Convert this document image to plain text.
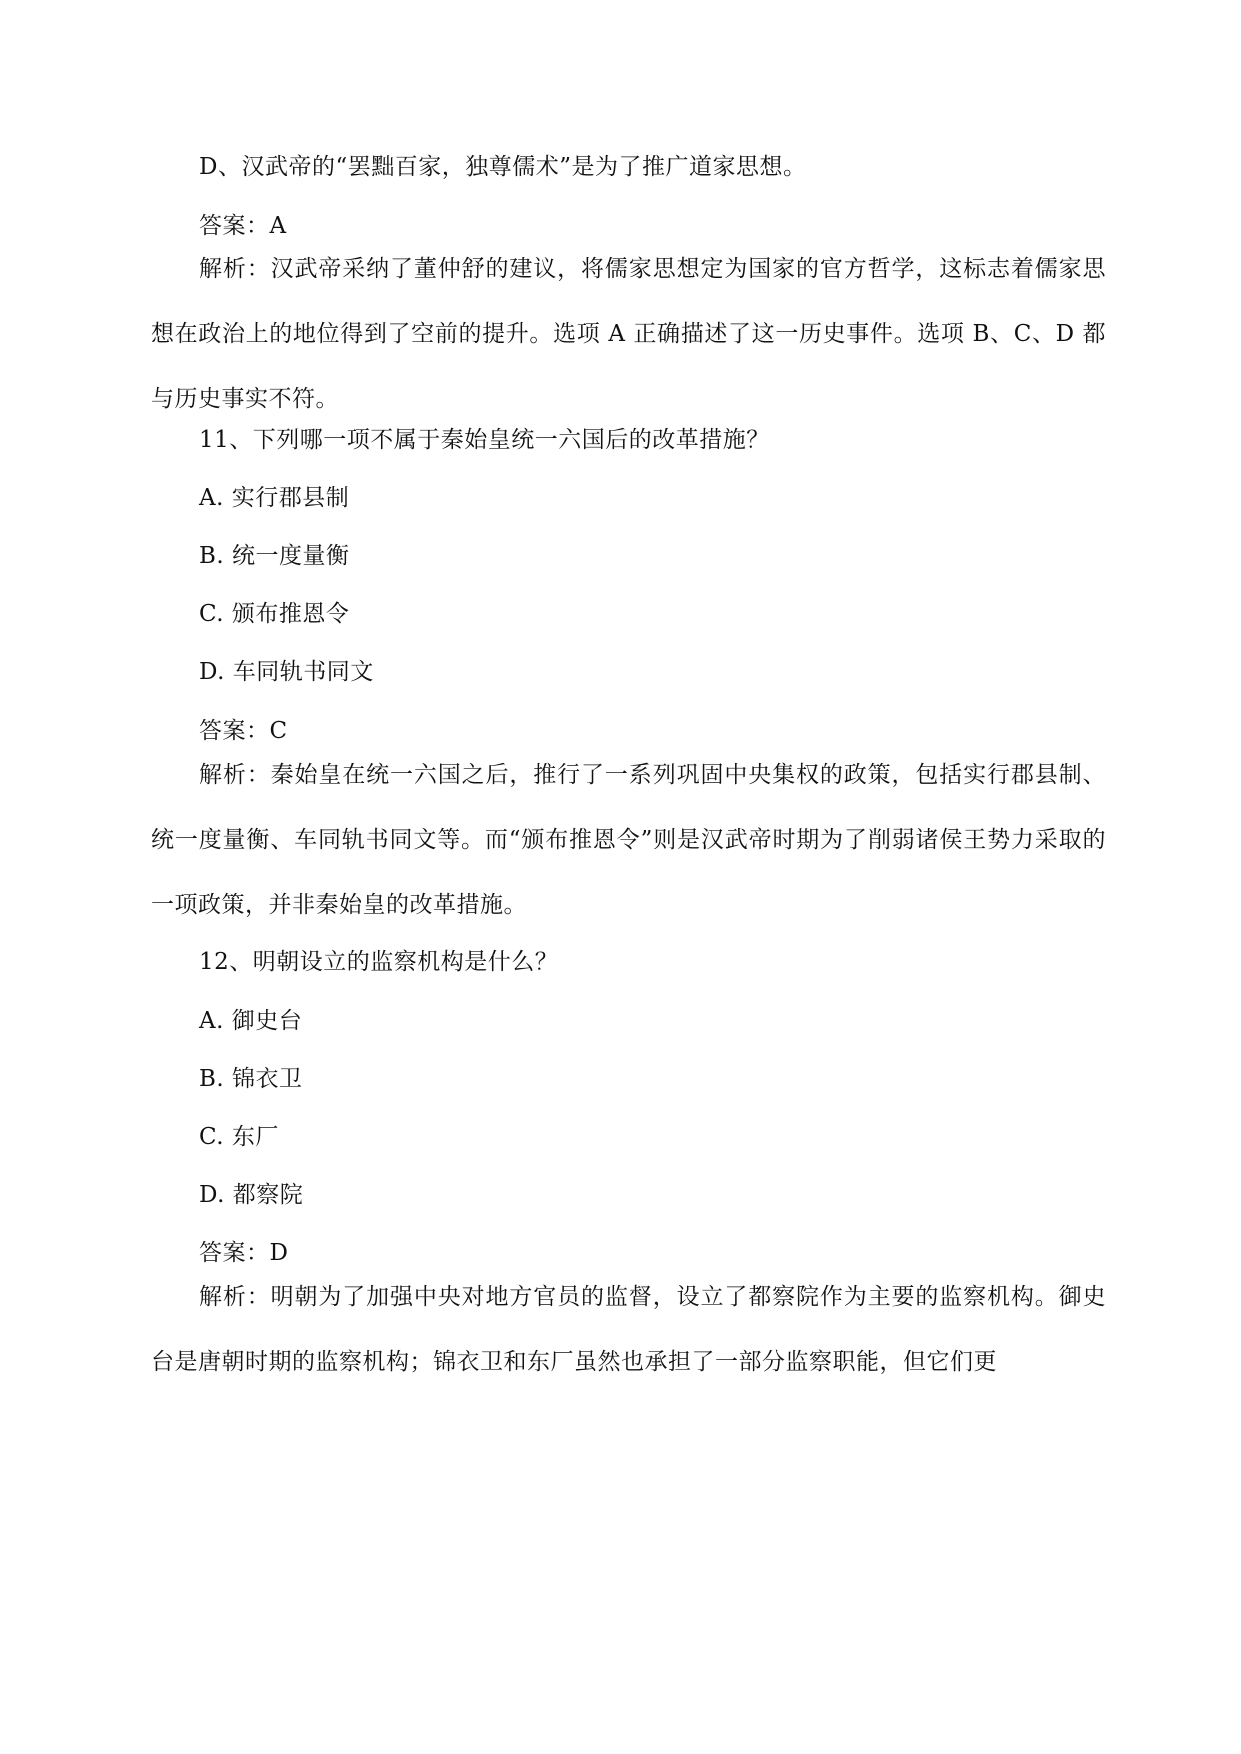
D、汉武帝的“罢黜百家，独尊儒术”是为了推广道家思想。
答案：A
解析：汉武帝采纳了董仲舒的建议，将儒家思想定为国家的官方哲学，这标志着儒家思想在政治上的地位得到了空前的提升。选项 A 正确描述了这一历史事件。选项 B、C、D 都与历史事实不符。
11、下列哪一项不属于秦始皇统一六国后的改革措施？
A. 实行郡县制
B. 统一度量衡
C. 颁布推恩令
D. 车同轨书同文
答案：C
解析：秦始皇在统一六国之后，推行了一系列巩固中央集权的政策，包括实行郡县制、统一度量衡、车同轨书同文等。而“颁布推恩令”则是汉武帝时期为了削弱诸侯王势力采取的一项政策，并非秦始皇的改革措施。
12、明朝设立的监察机构是什么？
A. 御史台
B. 锦衣卫
C. 东厂
D. 都察院
答案：D
解析：明朝为了加强中央对地方官员的监督，设立了都察院作为主要的监察机构。御史台是唐朝时期的监察机构；锦衣卫和东厂虽然也承担了一部分监察职能，但它们更
